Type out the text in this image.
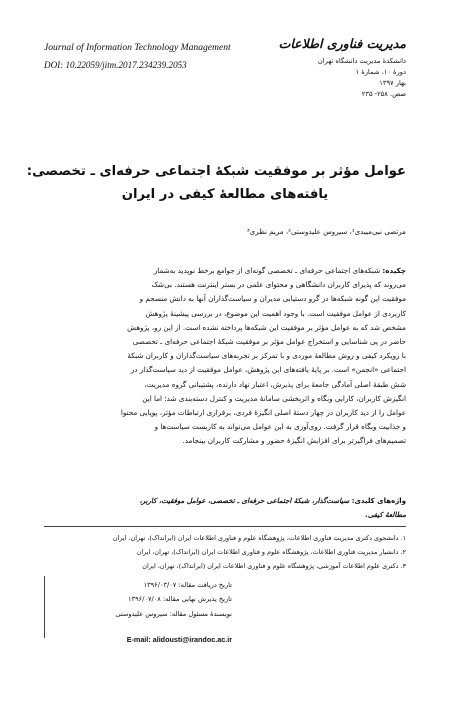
Journal of Information Technology Management
DOI: 10.22059/jitm.2017.234239.2053
مدیریت فناوری اطلاعات
دانشکدۀ مدیریت دانشگاه تهران
دورۀ ۱۰، شمارۀ ۱
بهار ۱۳۹۷
صص. ۲۵۸- ۲۳۵
عوامل مؤثر بر موفقیت شبکۀ اجتماعی حرفه‌ای ـ تخصصی:
یافته‌های مطالعۀ کیفی در ایران
مرتضی نبی‌میبدی¹، سیروس علیدوستی²، مریم نظری³
چکیده: شبکه‌های اجتماعی حرفه‌ای ـ تخصصی گونه‌ای از جوامع برخط نوپدید به‌شمار
می‌روند که پذیرای کاربران دانشگاهی و محتوای علمی در بستر اینترنت هستند. بی‌شک
موفقیت این گونه شبکه‌ها در گرو دستیابی مدیران و سیاست‌گذاران آنها به دانش منسجم و
کاربردی از عوامل موفقیت است. با وجود اهمیت این موضوع، در بررسی پیشینۀ پژوهش
مشخص شد که به عوامل مؤثر بر موفقیت این شبکه‌ها پرداخته نشده است. از این رو، پژوهش
حاضر در پی شناسایی و استخراج عوامل مؤثر بر موفقیت شبکۀ اجتماعی حرفه‌ای ـ تخصصی
با رویکرد کیفی و روش مطالعۀ موردی و با تمرکز بر تجربه‌های سیاست‌گذاران و کاربران شبکۀ
اجتماعی «انجمن» است. بر پایۀ یافته‌های این پژوهش، عوامل موفقیت از دید سیاست‌گذار در
شش طبقۀ اصلی آمادگی جامعۀ برای پذیرش، اعتبار نهاد دارنده، پشتیبانی گروه مدیریت،
انگیزش کاربران، کارایی وبگاه و اثربخشی سامانۀ مدیریت و کنترل دسته‌بندی شد؛ اما این
عوامل را از دید کاربران در چهار دستۀ اصلی انگیزۀ فردی، برقراری ارتباطات مؤثر، پویایی محتوا
و جذابیت وبگاه قرار گرفت. روی‌آوری به این عوامل می‌تواند به کاربست سیاست‌ها و
تصمیم‌های فراگیرتر برای افزایش انگیزۀ حضور و مشارکت کاربران بینجامد.
واژه‌های کلیدی: سیاست‌گذار، شبکۀ اجتماعی حرفه‌ای ـ تخصصی، عوامل موفقیت، کاربر،
مطالعۀ کیفی.
۱. دانشجوی دکتری مدیریت فناوری اطلاعات، پژوهشگاه علوم و فناوری اطلاعات ایران (ایرانداک)، تهران، ایران
۲. دانشیار مدیریت فناوری اطلاعات، پژوهشگاه علوم و فناوری اطلاعات ایران (ایرانداک)، تهران، ایران
۳. دکتری علوم اطلاعات آموزشی، پژوهشگاه علوم و فناوری اطلاعات ایران (ایرانداک)، تهران، ایران
تاریخ دریافت مقاله: ۱۳۹۶/۰۳/۰۷
تاریخ پذیرش نهایی مقاله: ۱۳۹۶/۰۷/۰۸
نویسندۀ مسئول مقاله: سیروس علیدوستی
E-mail: alidousti@irandoc.ac.ir
